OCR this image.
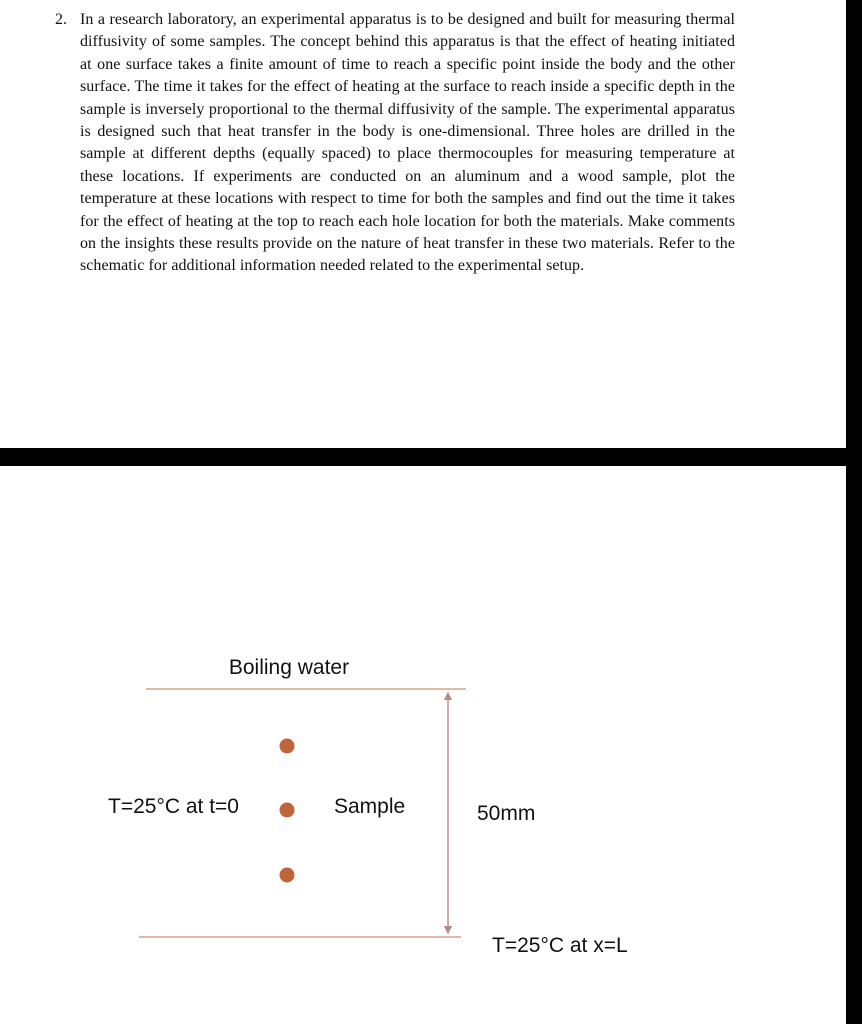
2. In a research laboratory, an experimental apparatus is to be designed and built for measuring thermal diffusivity of some samples. The concept behind this apparatus is that the effect of heating initiated at one surface takes a finite amount of time to reach a specific point inside the body and the other surface. The time it takes for the effect of heating at the surface to reach inside a specific depth in the sample is inversely proportional to the thermal diffusivity of the sample. The experimental apparatus is designed such that heat transfer in the body is one-dimensional. Three holes are drilled in the sample at different depths (equally spaced) to place thermocouples for measuring temperature at these locations. If experiments are conducted on an aluminum and a wood sample, plot the temperature at these locations with respect to time for both the samples and find out the time it takes for the effect of heating at the top to reach each hole location for both the materials. Make comments on the insights these results provide on the nature of heat transfer in these two materials. Refer to the schematic for additional information needed related to the experimental setup.
Boiling water
T=25°C at t=0	Sample	50mm
T=25°C at x=L
